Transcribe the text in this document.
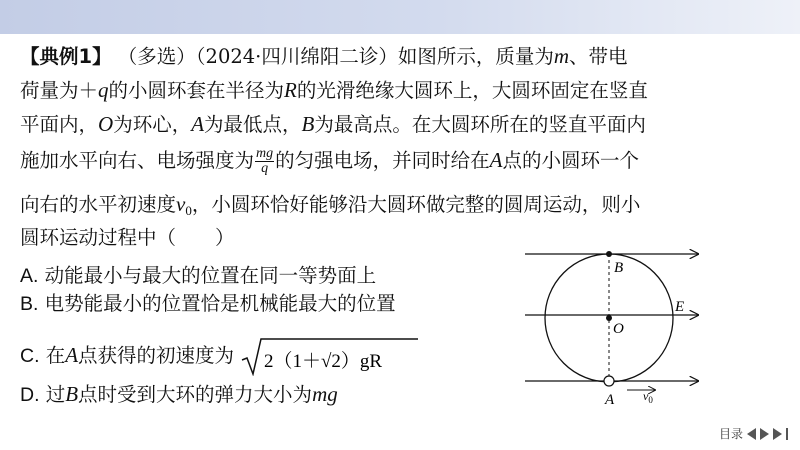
【典例1】 （多选）（2024·四川绵阳二诊）如图所示，质量为m、带电
荷量为＋q的小圆环套在半径为R的光滑绝缘大圆环上，大圆环固定在竖直
平面内，O为环心，A为最低点，B为最高点。在大圆环所在的竖直平面内
施加水平向右、电场强度为 $\frac{mg}{q}$ 的匀强电场，并同时给在A点的小圆环一个
向右的水平初速度$v_0$，小圆环恰好能够沿大圆环做完整的圆周运动，则小
圆环运动过程中（　　）
A. 动能最小与最大的位置在同一等势面上
B. 电势能最小的位置恰是机械能最大的位置
C. 在A点获得的初速度为 2（1＋√2）gR
D. 过B点时受到大环的弹力大小为mg
B
O
E
A $v_0$
目录
